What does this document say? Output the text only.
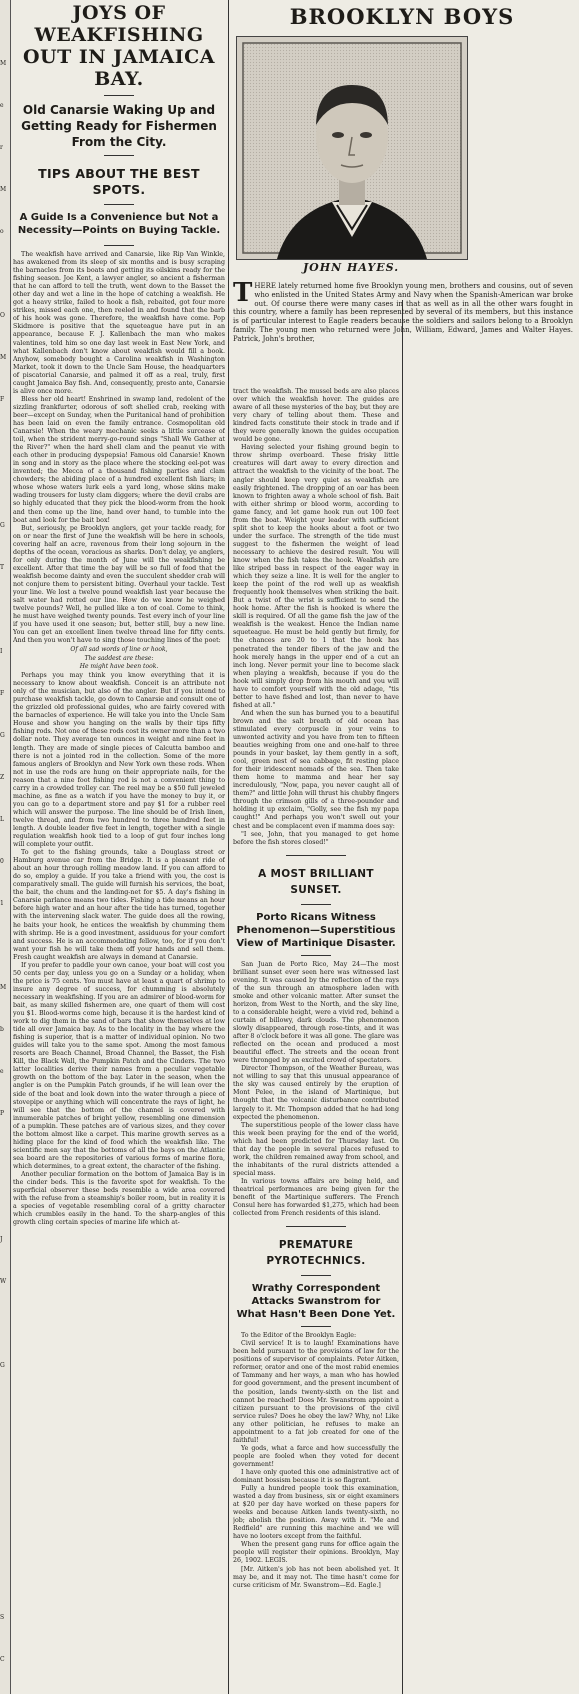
M
e
r
M
o
O
M
F
G
T
I
F
G
Z
L
0
1
M
b
e
P
J
W
G
S
C
JOYS OF WEAKFISHING
OUT IN JAMAICA BAY.
Old Canarsie Waking Up and Getting Ready for Fishermen From the City.
TIPS ABOUT THE BEST SPOTS.
A Guide Is a Convenience but Not a Necessity—Points on Buying Tackle.

The weakfish have arrived and Canarsie, like Rip Van Winkle, has awakened from its sleep of six months and is busy scraping the barnacles from its boats and getting its oilskins ready for the fishing season. Joe Kent, a lawyer angler, so ancient a fisherman that he can afford to tell the truth, went down to the Basset the other day and wet a line in the hope of catching a weakfish. He got a heavy strike, failed to hook a fish, rebaited, got four more strikes, missed each one, then reeled in and found that the barb of his hook was gone. Therefore, the weakfish have come. Pop Skidmore is positive that the squeteague have put in an appearance, because F. J. Kallenbach the man who makes valentines, told him so one day last week in East New York, and what Kallenbach don't know about weakfish would fill a book. Anyhow, somebody bought a Carolina weakfish in Washington Market, took it down to the Uncle Sam House, the headquarters of piscatorial Canarsie, and palmed it off as a real, truly, first caught Jamaica Bay fish. And, consequently, presto ante, Canarsie is alive once more.

Bless her old heart! Enshrined in swamp land, redolent of the sizzling frankfurter, odorous of soft shelled crab, reeking with beer—except on Sunday, when the Puritanical hand of prohibition has been laid on even the family entrance. Cosmopolitan old Canarsie! When the weary mechanic seeks a little surcease of toil, when the strident merry-go-round sings "Shall We Gather at the River?" when the hard shell clam and the peanut vie with each other in producing dyspepsia! Famous old Canarsie! Known in song and in story as the place where the stocking eel-pot was invented; the Mecca of a thousand fishing parties and clam chowders; the abiding place of a hundred excellent fish liars; in whose whose waters lurk eels a yard long, whose skins make wading trousers for lusty clam diggers; where the devil crabs are so highly educated that they pick the blood-worm from the hook and then come up the line, hand over hand, to tumble into the boat and look for the bait box!

But, seriously, pe Brooklyn anglers, get your tackle ready, for on or near the first of June the weakfish will be here in schools, covering half an acre, ravenous from their long sojourn in the depths of the ocean, voracious as sharks. Don't delay, ye anglers, for only during the month of June will the weakfishing be excellent. After that time the bay will be so full of food that the weakfish become dainty and even the succulent shedder crab will not conjure them to persistent biting. Overhaul your tackle. Test your line. We lost a twelve pound weakfish last year because the salt water had rotted our line. How do we know he weighed twelve pounds? Well, he pulled like a ton of coal. Come to think, he must have weighed twenty pounds. Test every inch of your line if you have used it one season; but, better still, buy a new line. You can get an excellent linen twelve thread line for fifty cents. And then you won't have to sing those touching lines of the poet:

Of all sad words of line or hook,
The saddest are these:
He might have been took.

Perhaps you may think you know everything that it is necessary to know about weakfish. Conceit is an attribute not only of the musician, but also of the angler. But if you intend to purchase weakfish tackle, go down to Canarsie and consult one of the grizzled old professional guides, who are fairly covered with the barnacles of experience. He will take you into the Uncle Sam House and show you hanging on the walls by their tips fifty fishing rods. Not one of these rods cost its owner more than a two dollar note. They average ten ounces in weight and nine feet in length. They are made of single pieces of Calcutta bamboo and there is not a jointed rod in the collection. Some of the more famous anglers of Brooklyn and New York own these rods. When not in use the rods are hung on their appropriate nails, for the reason that a nine foot fishing rod is not a convenient thing to carry in a crowded trolley car. The reel may be a $50 full jeweled machine, as fine as a watch if you have the money to buy it, or you can go to a department store and pay $1 for a rubber reel which will answer the purpose. The line should be of Irish linen, twelve thread, and from two hundred to three hundred feet in length. A double leader five feet in length, together with a single regulation weakfish hook tied to a loop of gut four inches long will complete your outfit.

To get to the fishing grounds, take a Douglass street or Hamburg avenue car from the Bridge. It is a pleasant ride of about an hour through rolling meadow land. If you can afford to do so, employ a guide. If you take a friend with you, the cost is comparatively small. The guide will furnish his services, the boat, the bait, the chum and the landing-net for $5. A day's fishing in Canarsie parlance means two tides. Fishing a tide means an hour before high water and an hour after the tide has turned, together with the intervening slack water. The guide does all the rowing, he baits your hook, he entices the weakfish by chumming them with shrimp. He is a good investment, assiduous for your comfort and success. He is an accommodating fellow, too, for if you don't want your fish he will take them off your hands and sell them. Fresh caught weakfish are always in demand at Canarsie.

If you prefer to paddle your own canoe, your boat will cost you 50 cents per day, unless you go on a Sunday or a holiday, when the price is 75 cents. You must have at least a quart of shrimp to insure any degree of success, for chumming is absolutely necessary in weakfishing. If you are an admirer of blood-worm for bait, as many skilled fishermen are, one quart of them will cost you $1. Blood-worms come high, because it is the hardest kind of work to dig them in the sand of bars that show themselves at low tide all over Jamaica bay. As to the locality in the bay where the fishing is superior, that is a matter of individual opinion. No two guides will take you to the same spot. Among the most famous resorts are Beach Channel, Broad Channel, the Basset, the Fish Kill, the Black Wall, the Pumpkin Patch and the Cinders. The two latter localities derive their names from a peculiar vegetable growth on the bottom of the bay. Later in the season, when the angler is on the Pumpkin Patch grounds, if he will lean over the side of the boat and look down into the water through a piece of stovepipe or anything which will concentrate the rays of light, he will see that the bottom of the channel is covered with innumerable patches of bright yellow, resembling one dimension of a pumpkin. These patches are of various sizes, and they cover the bottom almost like a carpet. This marine growth serves as a hiding place for the kind of food which the weakfish like. The scientific men say that the bottoms of all the bays on the Atlantic sea board are the repositories of various forms of marine flora, which determines, to a great extent, the character of the fishing.

Another peculiar formation on the bottom of Jamaica Bay is in the cinder beds. This is the favorite spot for weakfish. To the superficial observer these beds resemble a wide area covered with the refuse from a steamship's boiler room, but in reality it is a species of vegetable resembling coral of a gritty character which crumbles easily in the hand. To the sharp-angles of this growth cling certain species of marine life which at-

BROOKLYN BOYS
JOHN HAYES.
T HERE lately returned home five Brooklyn young men, brothers and cousins, out of seven who enlisted in the United States Army and Navy when the Spanish-American war broke out. Of course there were many cases in that as well as in all the other wars fought in this country, where a family has been represented by several of its members, but this instance is of particular interest to Eagle readers because the soldiers and sailors belong to a Brooklyn family. The young men who returned were John, William, Edward, James and Walter Hayes. Patrick, John's brother,

tract the weakfish. The mussel beds are also places over which the weakfish hover. The guides are aware of all these mysteries of the bay, but they are very chary of telling about them. These and kindred facts constitute their stock in trade and if they were generally known the guides occupation would be gone.

Having selected your fishing ground begin to throw shrimp overboard. These frisky little creatures will dart away to every direction and attract the weakfish to the vicinity of the boat. The angler should keep very quiet as weakfish are easily frightened. The dropping of an oar has been known to frighten away a whole school of fish. Bait with either shrimp or blood worm, according to game fancy, and let game hook run out 100 feet from the boat. Weight your leader with sufficient split shot to keep the hooks about a foot or two under the surface. The strength of the tide must suggest to the fishermen the weight of lead necessary to achieve the desired result. You will know when the fish takes the hook. Weakfish are like striped bass in respect of the eager way in which they seize a line. It is well for the angler to keep the point of the rod well up as weakfish frequently hook themselves when striking the bait. But a twist of the wrist is sufficient to send the hook home. After the fish is hooked is where the skill is required. Of all the game fish the jaw of the weakfish is the weakest. Hence the Indian name squeteague. He must be held gently but firmly, for the chances are 20 to 1 that the hook has penetrated the tender fibers of the jaw and the hook merely hangs in the upper end of a cut an inch long. Never permit your line to become slack when playing a weakfish, because if you do the hook will simply drop from his mouth and you will have to comfort yourself with the old adage, "tis better to have fished and lost, than never to have fished at all."

And when the sun has burned you to a beautiful brown and the salt breath of old ocean has stimulated every corpuscle in your veins to unwonted activity and you have from ten to fifteen beauties weighing from one and one-half to three pounds in your basket, lay them gently in a soft, cool, green nest of sea cabbage, fit resting place for their iridescent nomads of the sea. Then take them home to mamma and hear her say incredulously, "Now, papa, you never caught all of them?" and little John will thrust his chubby fingers through the crimson gills of a three-pounder and holding it up exclaim, "Golly, see the fish my papa caught!" And perhaps you won't swell out your chest and be complacent even if mamma does say:

"I see, John, that you managed to get home before the fish stores closed!"

A MOST BRILLIANT SUNSET.
Porto Ricans Witness Phenomenon—Superstitious View of Martinique Disaster.

San Juan de Porto Rico, May 24—The most brilliant sunset ever seen here was witnessed last evening. It was caused by the reflection of the rays of the sun through an atmosphere laden with smoke and other volcanic matter. After sunset the horizon, from West to the North, and the sky line, to a considerable height, were a vivid red, behind a curtain of billowy, dark clouds. The phenomenon slowly disappeared, through rose-tints, and it was after 8 o'clock before it was all gone. The glare was reflected on the ocean and produced a most beautiful effect. The streets and the ocean front were thronged by an excited crowd of spectators.

Director Thompson, of the Weather Bureau, was not willing to say that this unusual appearance of the sky was caused entirely by the eruption of Mont Pelee, in the island of Martinique, but thought that the volcanic disturbance contributed largely to it. Mr. Thompson added that he had long expected the phenomenon.

The superstitious people of the lower class have this week been praying for the end of the world, which had been predicted for Thursday last. On that day the people in several places refused to work, the children remained away from school, and the inhabitants of the rural districts attended a special mass.

In various towns affairs are being held, and theatrical performances are being given for the benefit of the Martinique sufferers. The French Consul here has forwarded $1,275, which had been collected from French residents of this island.

PREMATURE PYROTECHNICS.
Wrathy Correspondent Attacks Swanstrom for What Hasn't Been Done Yet.

To the Editor of the Brooklyn Eagle:

Civil service! It is to laugh! Examinations have been held pursuant to the provisions of law for the positions of supervisor of complaints. Peter Aitken, reformer, orator and one of the most rabid enemies of Tammany and her ways, a man who has howled for good government, and the present incumbent of the position, lands twenty-sixth on the list and cannot be reached! Does Mr. Swanstrom appoint a citizen pursuant to the provisions of the civil service rules? Does he obey the law? Why, no! Like any other politician, he refuses to make an appointment to a fat job created for one of the faithful!

Ye gods, what a farce and how successfully the people are fooled when they voted for decent government!

I have only quoted this one administrative act of dominant bossism because it is so flagrant.

Fully a hundred people took this examination, wasted a day from business, six or eight examiners at $20 per day have worked on these papers for weeks and because Aitken lands twenty-sixth, no job; abolish the position. Away with it. "Me and Redfield" are running this machine and we will have no looters except from the faithful.

When the present gang runs for office again the people will register their opinions. Brooklyn, May 26, 1902. LEGIS.

[Mr. Aitken's job has not been abolished yet. It may be, and it may not. The time hasn't come for curse criticism of Mr. Swanstrom—Ed. Eagle.]
